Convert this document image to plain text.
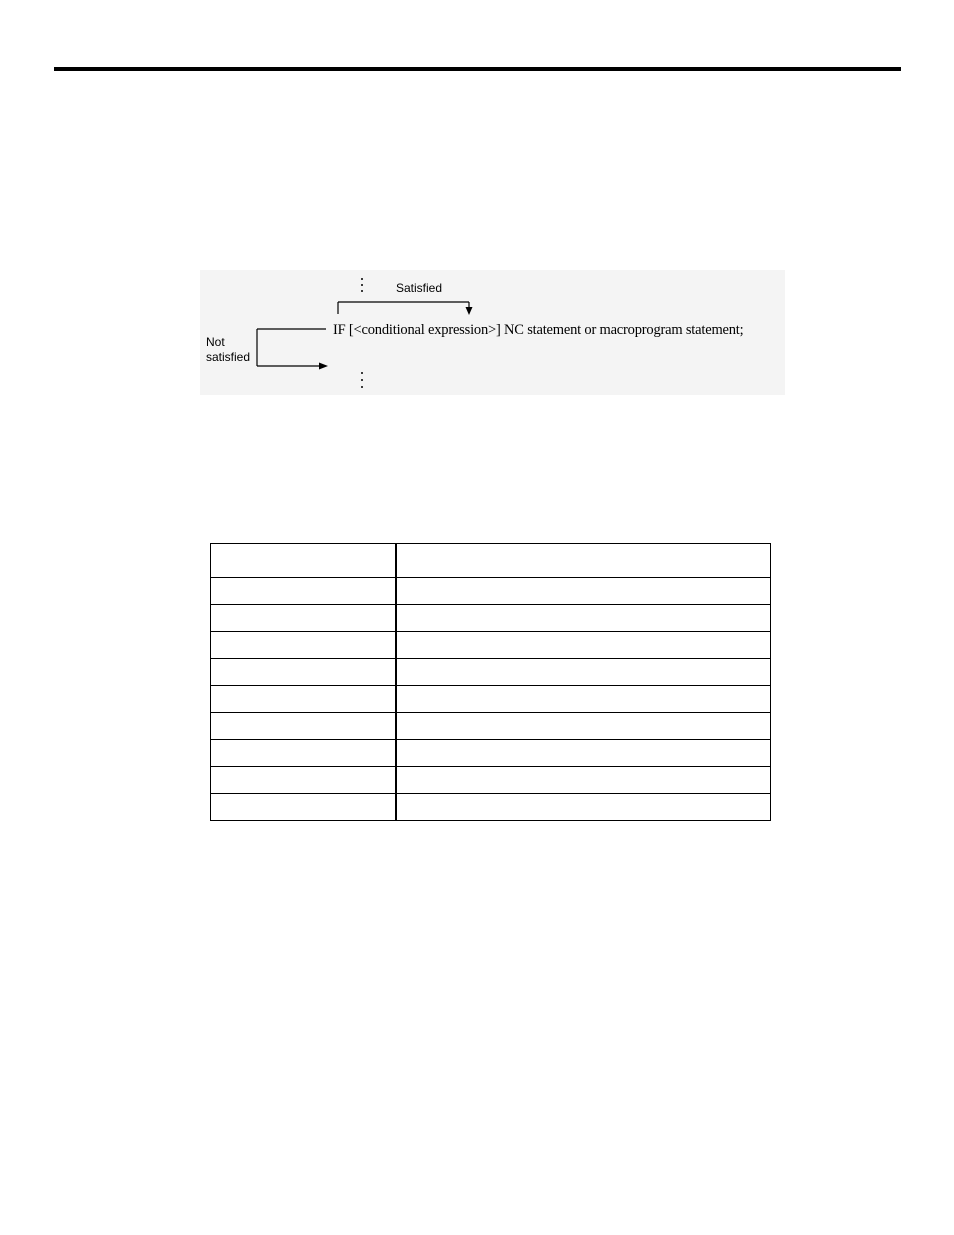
Satisfied
Not
satisfied
IF [<conditional expression>] NC statement or macroprogram statement;
